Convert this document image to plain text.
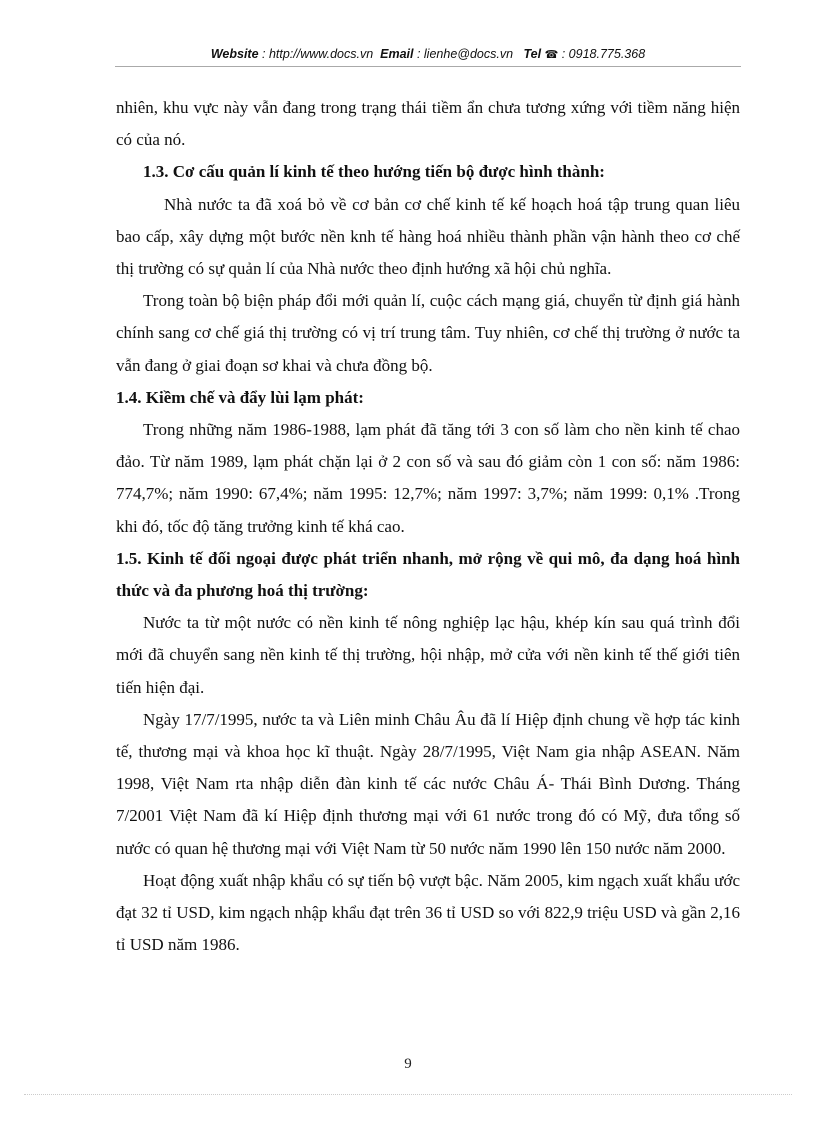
Website : http://www.docs.vn Email : lienhe@docs.vn Tel ☎ : 0918.775.368

nhiên, khu vực này vẫn đang trong trạng thái tiềm ẩn chưa tương xứng với tiềm năng hiện có của nó.

1.3. Cơ cấu quản lí kinh tế theo hướng tiến bộ được hình thành:

Nhà nước ta đã xoá bỏ về cơ bản cơ chế kinh tế kế hoạch hoá tập trung quan liêu bao cấp, xây dựng một bước nền knh tế hàng hoá nhiều thành phần vận hành theo cơ chế thị trường có sự quản lí của Nhà nước theo định hướng xã hội chủ nghĩa.

Trong toàn bộ biện pháp đổi mới quản lí, cuộc cách mạng giá, chuyển từ định giá hành chính sang cơ chế giá thị trường có vị trí trung tâm. Tuy nhiên, cơ chế thị trường ở nước ta vẫn đang ở giai đoạn sơ khai và chưa đồng bộ.

1.4. Kiềm chế và đẩy lùi lạm phát:

Trong những năm 1986-1988, lạm phát đã tăng tới 3 con số làm cho nền kinh tế chao đảo. Từ năm 1989, lạm phát chặn lại ở 2 con số và sau đó giảm còn 1 con số: năm 1986: 774,7%; năm 1990: 67,4%; năm 1995: 12,7%; năm 1997: 3,7%; năm 1999: 0,1% .Trong khi đó, tốc độ tăng trưởng kinh tế khá cao.

1.5. Kinh tế đối ngoại được phát triển nhanh, mở rộng về qui mô, đa dạng hoá hình thức và đa phương hoá thị trường:

Nước ta từ một nước có nền kinh tế nông nghiệp lạc hậu, khép kín sau quá trình đổi mới đã chuyển sang nền kinh tế thị trường, hội nhập, mở cửa với nền kinh tế thế giới tiên tiến hiện đại.

Ngày 17/7/1995, nước ta và Liên minh Châu Âu đã lí Hiệp định chung về hợp tác kinh tế, thương mại và khoa học kĩ thuật. Ngày 28/7/1995, Việt Nam gia nhập ASEAN. Năm 1998, Việt Nam rta nhập diễn đàn kinh tế các nước Châu Á- Thái Bình Dương. Tháng 7/2001 Việt Nam đã kí Hiệp định thương mại với 61 nước trong đó có Mỹ, đưa tổng số nước có quan hệ thương mại với Việt Nam từ 50 nước năm 1990 lên 150 nước năm 2000.

Hoạt động xuất nhập khẩu có sự tiến bộ vượt bậc. Năm 2005, kim ngạch xuất khẩu ước đạt 32 tỉ USD, kim ngạch nhập khẩu đạt trên 36 tỉ USD so với 822,9 triệu USD và gần 2,16 tỉ USD năm 1986.

9
